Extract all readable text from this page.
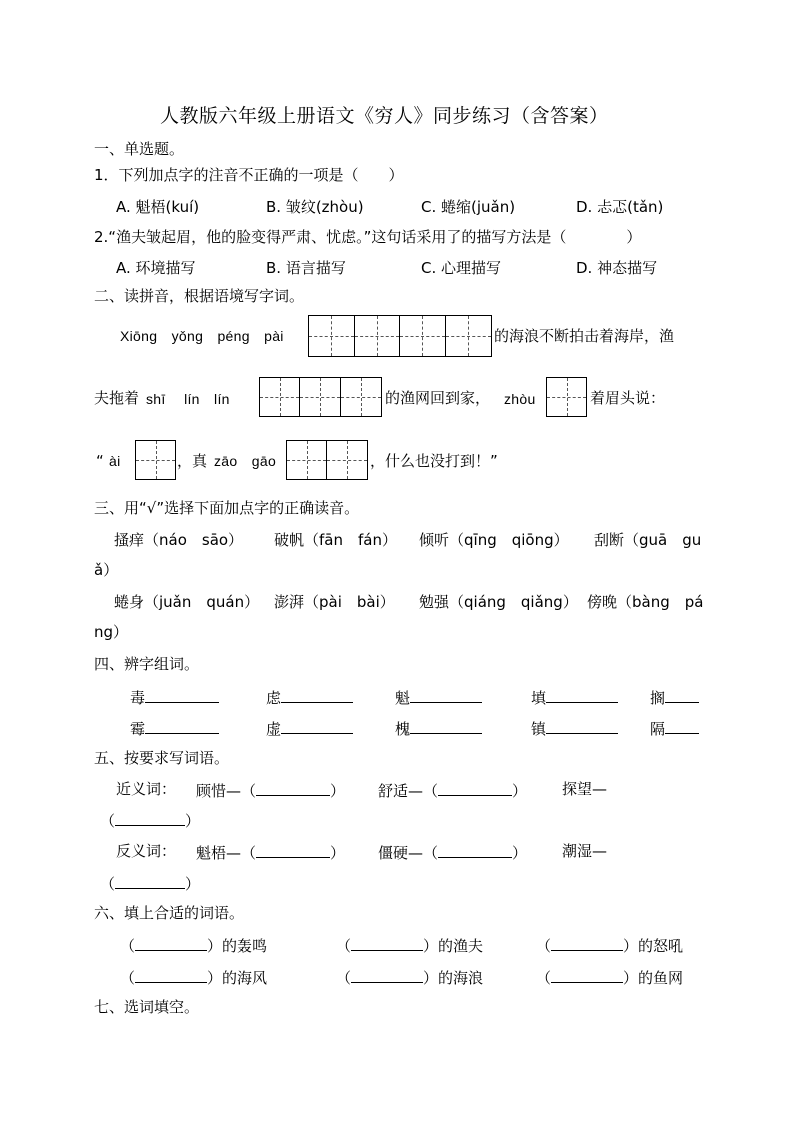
人教版六年级上册语文《穷人》同步练习（含答案）
一、单选题。
1．下列加点字的注音不正确的一项是（　　）
A. 魁梧(kuí)	B. 皱纹(zhòu)	C. 蜷缩(juǎn)	D. 忐忑(tǎn)
2.“渔夫皱起眉，他的脸变得严肃、忧虑。”这句话采用了的描写方法是（　　　　）
A. 环境描写	B. 语言描写	C. 心理描写	D. 神态描写
二、读拼音，根据语境写字词。
Xiōng　yǒng　péng　pài	的海浪不断拍击着海岸，渔
夫拖着 shī　 lín　lín	的渔网回到家， zhòu	着眉头说：
“ ài	，真 zāo　gāo	，什么也没打到！”
三、用“√”选择下面加点字的正确读音。
搔痒（náo　sāo） 破帆（fān　fán） 倾听（qīng　qiōng） 刮断（guā　gu
ǎ）
蜷身（juǎn　quán） 澎湃（pài　bài） 勉强（qiáng　qiǎng） 傍晚（bàng　pá
ng）
四、辨字组词。
毒	虑	魁	填	搁
霉	虚	槐	镇	隔
五、按要求写词语。
近义词： 顾惜—（	） 舒适—（	） 探望—
（	）
反义词： 魁梧—（	） 僵硬—（	） 潮湿—
（	）
六、填上合适的词语。
（	）的轰鸣	（	）的渔夫	（	）的怒吼
（	）的海风	（	）的海浪	（	）的鱼网
七、选词填空。
